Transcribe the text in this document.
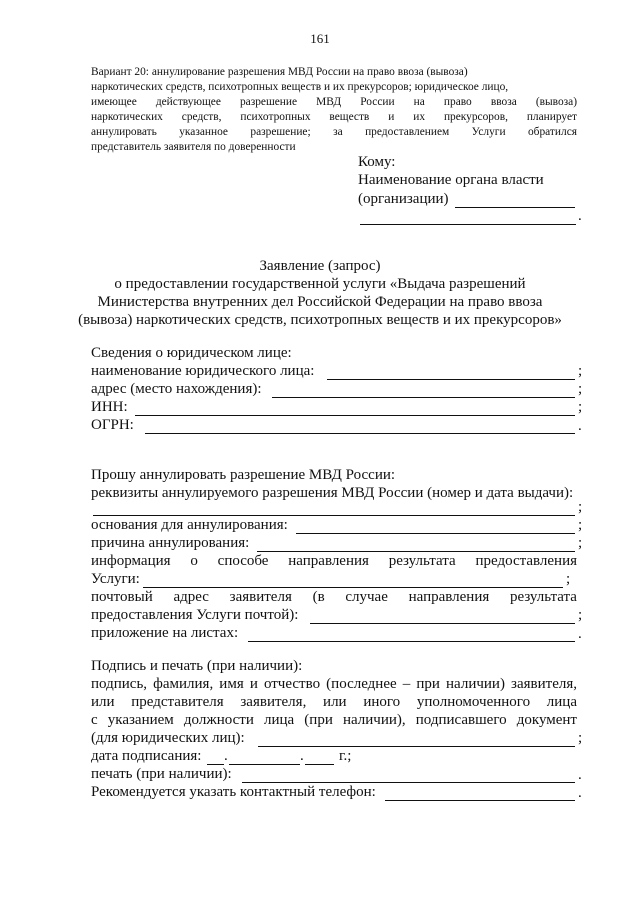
161
Вариант 20: аннулирование разрешения МВД России на право ввоза (вывоза)
наркотических средств, психотропных веществ и их прекурсоров; юридическое лицо,
имеющее действующее разрешение МВД России на право ввоза (вывоза)
наркотических средств, психотропных веществ и их прекурсоров, планирует
аннулировать указанное разрешение; за предоставлением Услуги обратился
представитель заявителя по доверенности
Кому:
Наименование органа власти
(организации)
.
Заявление (запрос)
о предоставлении государственной услуги «Выдача разрешений
Министерства внутренних дел Российской Федерации на право ввоза
(вывоза) наркотических средств, психотропных веществ и их прекурсоров»
Сведения о юридическом лице:
наименование юридического лица:	;
адрес (место нахождения):	;
ИНН:	;
ОГРН:	.
Прошу аннулировать разрешение МВД России:
реквизиты аннулируемого разрешения МВД России (номер и дата выдачи):
;
основания для аннулирования:	;
причина аннулирования:	;
информация о способе направления результата предоставления
Услуги:	;
почтовый адрес заявителя (в случае направления результата
предоставления Услуги почтой):	;
приложение на листах:	.
Подпись и печать (при наличии):
подпись, фамилия, имя и отчество (последнее – при наличии) заявителя,
или представителя заявителя, или иного уполномоченного лица
с указанием должности лица (при наличии), подписавшего документ
(для юридических лиц):	;
дата подписания: .	. г.;
печать (при наличии):	.
Рекомендуется указать контактный телефон:	.
